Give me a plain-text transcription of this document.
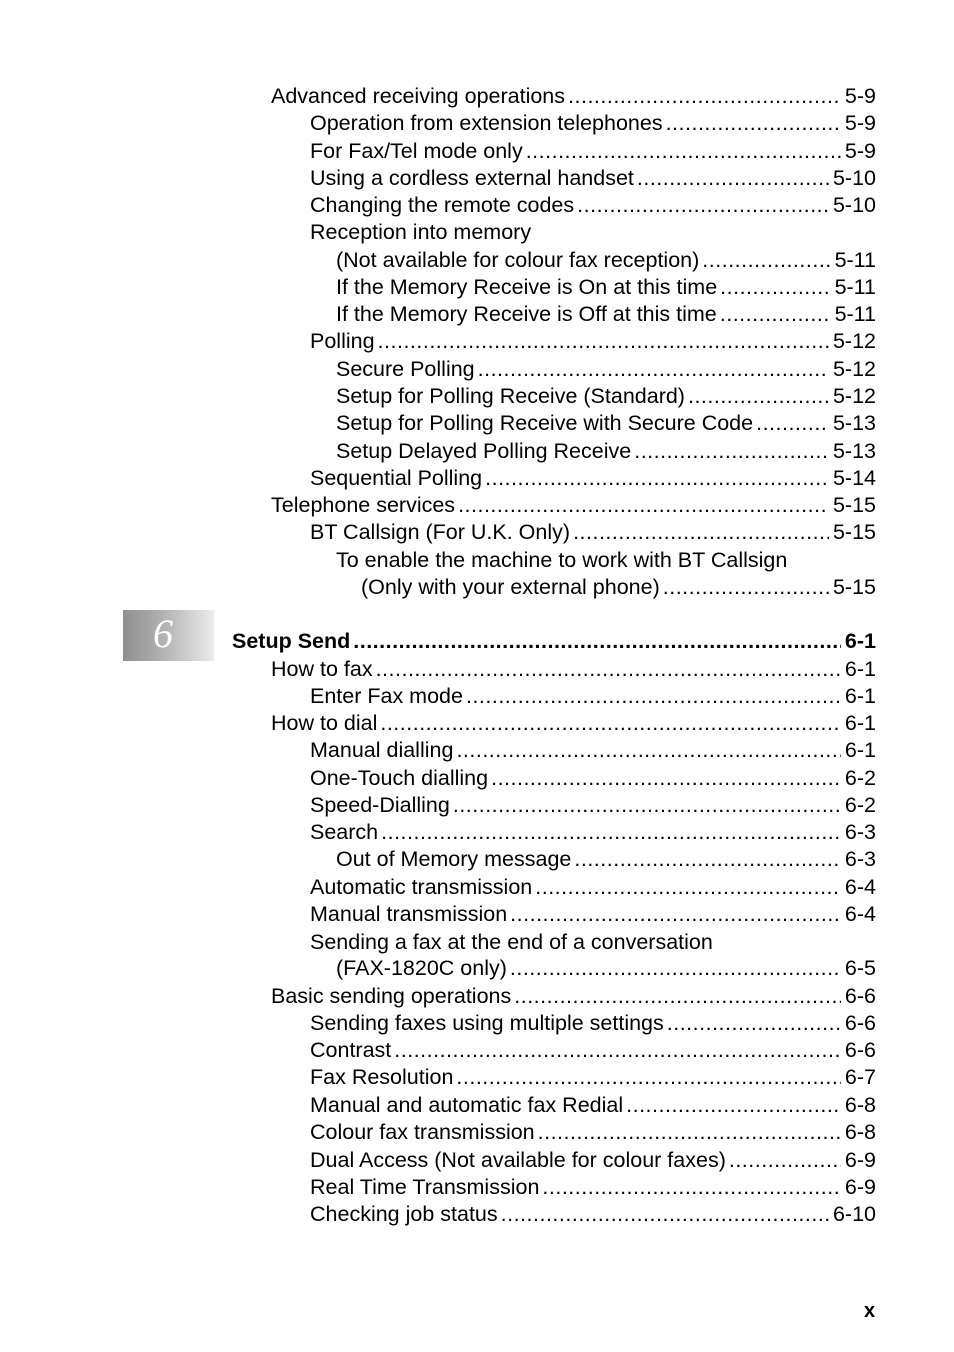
6
Advanced receiving operations .....	5-9
Operation from extension telephones .....	5-9
For Fax/Tel mode only .....	5-9
Using a cordless external handset .....	5-10
Changing the remote codes .....	5-10
Reception into memory
(Not available for colour fax reception) .....	5-11
If the Memory Receive is On at this time .....	5-11
If the Memory Receive is Off at this time .....	5-11
Polling .....	5-12
Secure Polling .....	5-12
Setup for Polling Receive (Standard) .....	5-12
Setup for Polling Receive with Secure Code .....	5-13
Setup Delayed Polling Receive .....	5-13
Sequential Polling .....	5-14
Telephone services .....	5-15
BT Callsign (For U.K. Only) .....	5-15
To enable the machine to work with BT Callsign
(Only with your external phone) .....	5-15
Setup Send .....	6-1
How to fax .....	6-1
Enter Fax mode .....	6-1
How to dial .....	6-1
Manual dialling .....	6-1
One-Touch dialling .....	6-2
Speed-Dialling .....	6-2
Search .....	6-3
Out of Memory message .....	6-3
Automatic transmission .....	6-4
Manual transmission .....	6-4
Sending a fax at the end of a conversation
(FAX-1820C only) .....	6-5
Basic sending operations .....	6-6
Sending faxes using multiple settings .....	6-6
Contrast .....	6-6
Fax Resolution .....	6-7
Manual and automatic fax Redial .....	6-8
Colour fax transmission .....	6-8
Dual Access (Not available for colour faxes) .....	6-9
Real Time Transmission .....	6-9
Checking job status .....	6-10
x
